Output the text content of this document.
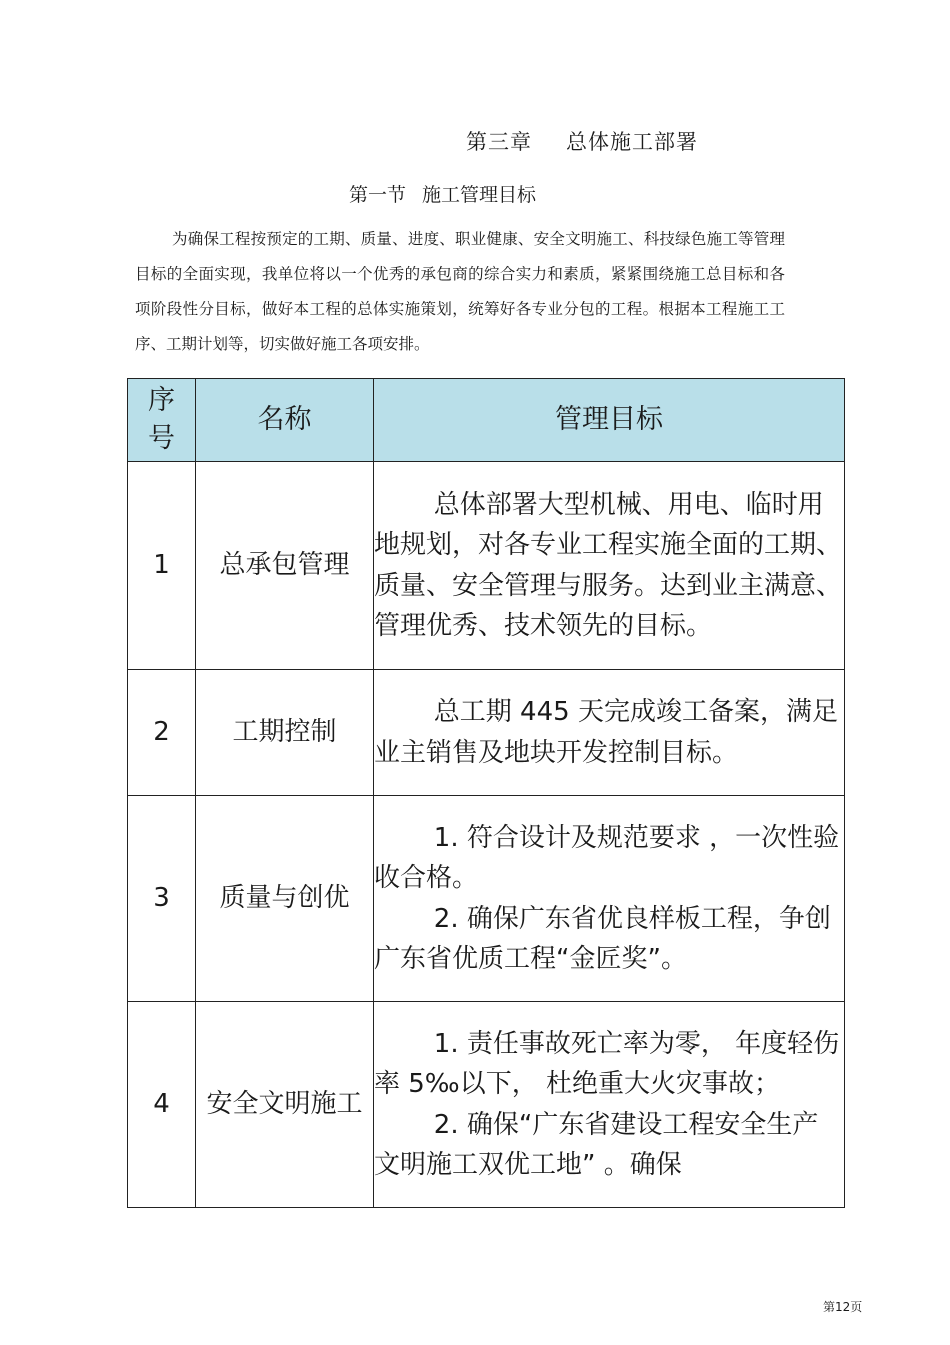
第三章 总体施工部署
第一节 施工管理目标
为确保工程按预定的工期、质量、进度、职业健康、安全文明施工、科技绿色施工等管理目标的全面实现，我单位将以一个优秀的承包商的综合实力和素质，紧紧围绕施工总目标和各项阶段性分目标，做好本工程的总体实施策划，统筹好各专业分包的工程。根据本工程施工工序、工期计划等，切实做好施工各项安排。
序号	名称	管理目标
1	总承包管理	总体部署大型机械、用电、临时用地规划，对各专业工程实施全面的工期、质量、安全管理与服务。达到业主满意、管理优秀、技术领先的目标。

2	工期控制	总工期 445 天完成竣工备案，满足业主销售及地块开发控制目标。

3	质量与创优	1. 符合设计及规范要求 ，一次性验收合格。

2. 确保广东省优良样板工程，争创广东省优质工程“金匠奖”。

4	安全文明施工	1. 责任事故死亡率为零， 年度轻伤率 5‰以下， 杜绝重大火灾事故；

2. 确保“广东省建设工程安全生产文明施工双优工地” 。确保

第12页
